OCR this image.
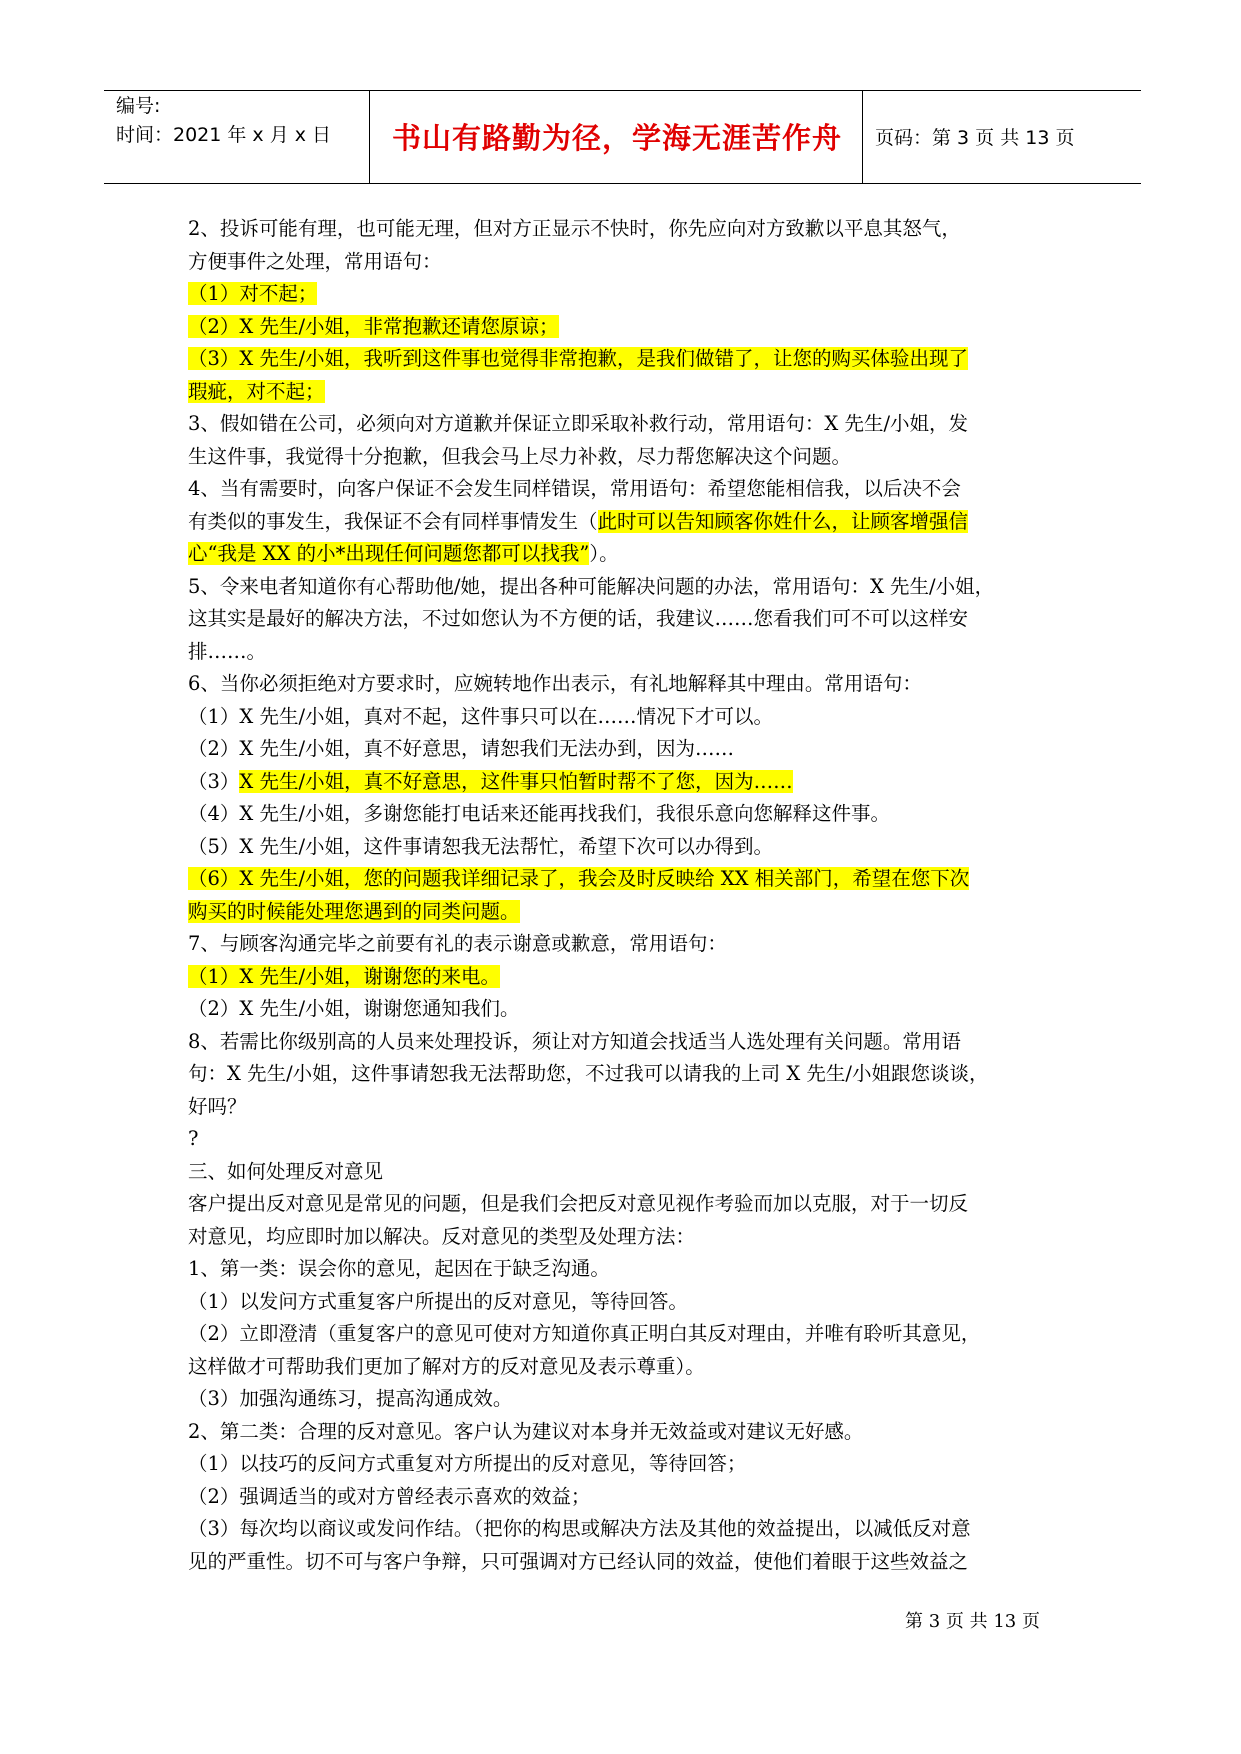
编号:
时间：2021 年 x 月 x 日	书山有路勤为径，学海无涯苦作舟	页码：第 3 页 共 13 页
2、投诉可能有理，也可能无理，但对方正显示不快时，你先应向对方致歉以平息其怒气，
方便事件之处理，常用语句：
（1）对不起；
（2）X 先生/小姐，非常抱歉还请您原谅；
（3）X 先生/小姐，我听到这件事也觉得非常抱歉，是我们做错了，让您的购买体验出现了
瑕疵，对不起；
3、假如错在公司，必须向对方道歉并保证立即采取补救行动，常用语句：X 先生/小姐，发
生这件事，我觉得十分抱歉，但我会马上尽力补救，尽力帮您解决这个问题。
4、当有需要时，向客户保证不会发生同样错误，常用语句：希望您能相信我，以后决不会
有类似的事发生，我保证不会有同样事情发生（此时可以告知顾客你姓什么，让顾客增强信
心“我是 XX 的小*出现任何问题您都可以找我”）。
5、令来电者知道你有心帮助他/她，提出各种可能解决问题的办法，常用语句：X 先生/小姐，
这其实是最好的解决方法，不过如您认为不方便的话，我建议……您看我们可不可以这样安
排……。
6、当你必须拒绝对方要求时，应婉转地作出表示，有礼地解释其中理由。常用语句：
（1）X 先生/小姐，真对不起，这件事只可以在……情况下才可以。
（2）X 先生/小姐，真不好意思，请恕我们无法办到，因为……
（3）X 先生/小姐，真不好意思，这件事只怕暂时帮不了您，因为……
（4）X 先生/小姐，多谢您能打电话来还能再找我们，我很乐意向您解释这件事。
（5）X 先生/小姐，这件事请恕我无法帮忙，希望下次可以办得到。
（6）X 先生/小姐，您的问题我详细记录了，我会及时反映给 XX 相关部门，希望在您下次
购买的时候能处理您遇到的同类问题。
7、与顾客沟通完毕之前要有礼的表示谢意或歉意，常用语句：
（1）X 先生/小姐，谢谢您的来电。
（2）X 先生/小姐，谢谢您通知我们。
8、若需比你级别高的人员来处理投诉，须让对方知道会找适当人选处理有关问题。常用语
句：X 先生/小姐，这件事请恕我无法帮助您，不过我可以请我的上司 X 先生/小姐跟您谈谈，
好吗？
?
三、如何处理反对意见
客户提出反对意见是常见的问题，但是我们会把反对意见视作考验而加以克服，对于一切反
对意见，均应即时加以解决。反对意见的类型及处理方法：
1、第一类：误会你的意见，起因在于缺乏沟通。
（1）以发问方式重复客户所提出的反对意见，等待回答。
（2）立即澄清（重复客户的意见可使对方知道你真正明白其反对理由，并唯有聆听其意见，
这样做才可帮助我们更加了解对方的反对意见及表示尊重）。
（3）加强沟通练习，提高沟通成效。
2、第二类：合理的反对意见。客户认为建议对本身并无效益或对建议无好感。
（1）以技巧的反问方式重复对方所提出的反对意见，等待回答；
（2）强调适当的或对方曾经表示喜欢的效益；
（3）每次均以商议或发问作结。（把你的构思或解决方法及其他的效益提出，以减低反对意
见的严重性。切不可与客户争辩，只可强调对方已经认同的效益，使他们着眼于这些效益之
第 3 页 共 13 页
